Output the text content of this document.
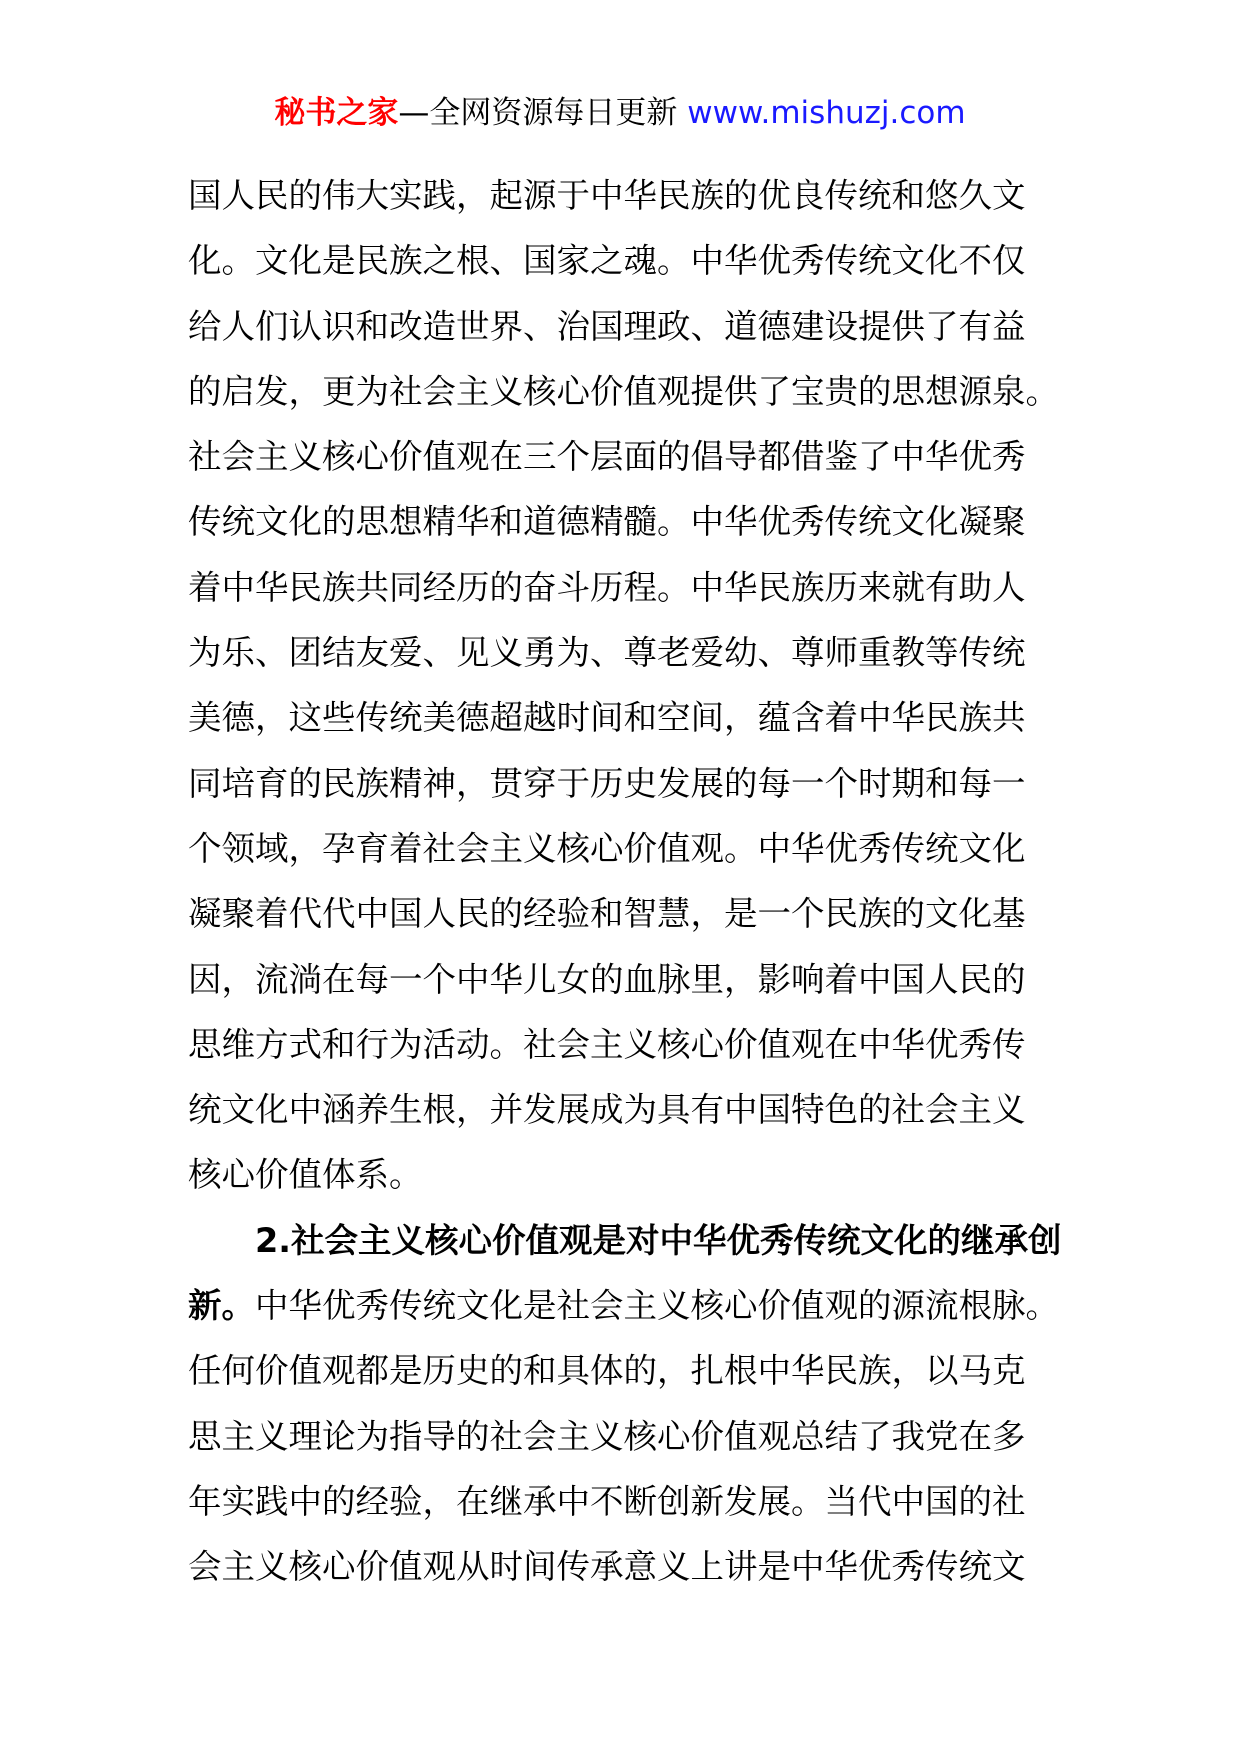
秘书之家—全网资源每日更新 www.mishuzj.com
国人民的伟大实践，起源于中华民族的优良传统和悠久文
化。文化是民族之根、国家之魂。中华优秀传统文化不仅
给人们认识和改造世界、治国理政、道德建设提供了有益
的启发，更为社会主义核心价值观提供了宝贵的思想源泉。
社会主义核心价值观在三个层面的倡导都借鉴了中华优秀
传统文化的思想精华和道德精髓。中华优秀传统文化凝聚
着中华民族共同经历的奋斗历程。中华民族历来就有助人
为乐、团结友爱、见义勇为、尊老爱幼、尊师重教等传统
美德，这些传统美德超越时间和空间，蕴含着中华民族共
同培育的民族精神，贯穿于历史发展的每一个时期和每一
个领域，孕育着社会主义核心价值观。中华优秀传统文化
凝聚着代代中国人民的经验和智慧，是一个民族的文化基
因，流淌在每一个中华儿女的血脉里，影响着中国人民的
思维方式和行为活动。社会主义核心价值观在中华优秀传
统文化中涵养生根，并发展成为具有中国特色的社会主义
核心价值体系。
2.社会主义核心价值观是对中华优秀传统文化的继承创
新。中华优秀传统文化是社会主义核心价值观的源流根脉。
任何价值观都是历史的和具体的，扎根中华民族，以马克
思主义理论为指导的社会主义核心价值观总结了我党在多
年实践中的经验，在继承中不断创新发展。当代中国的社
会主义核心价值观从时间传承意义上讲是中华优秀传统文
